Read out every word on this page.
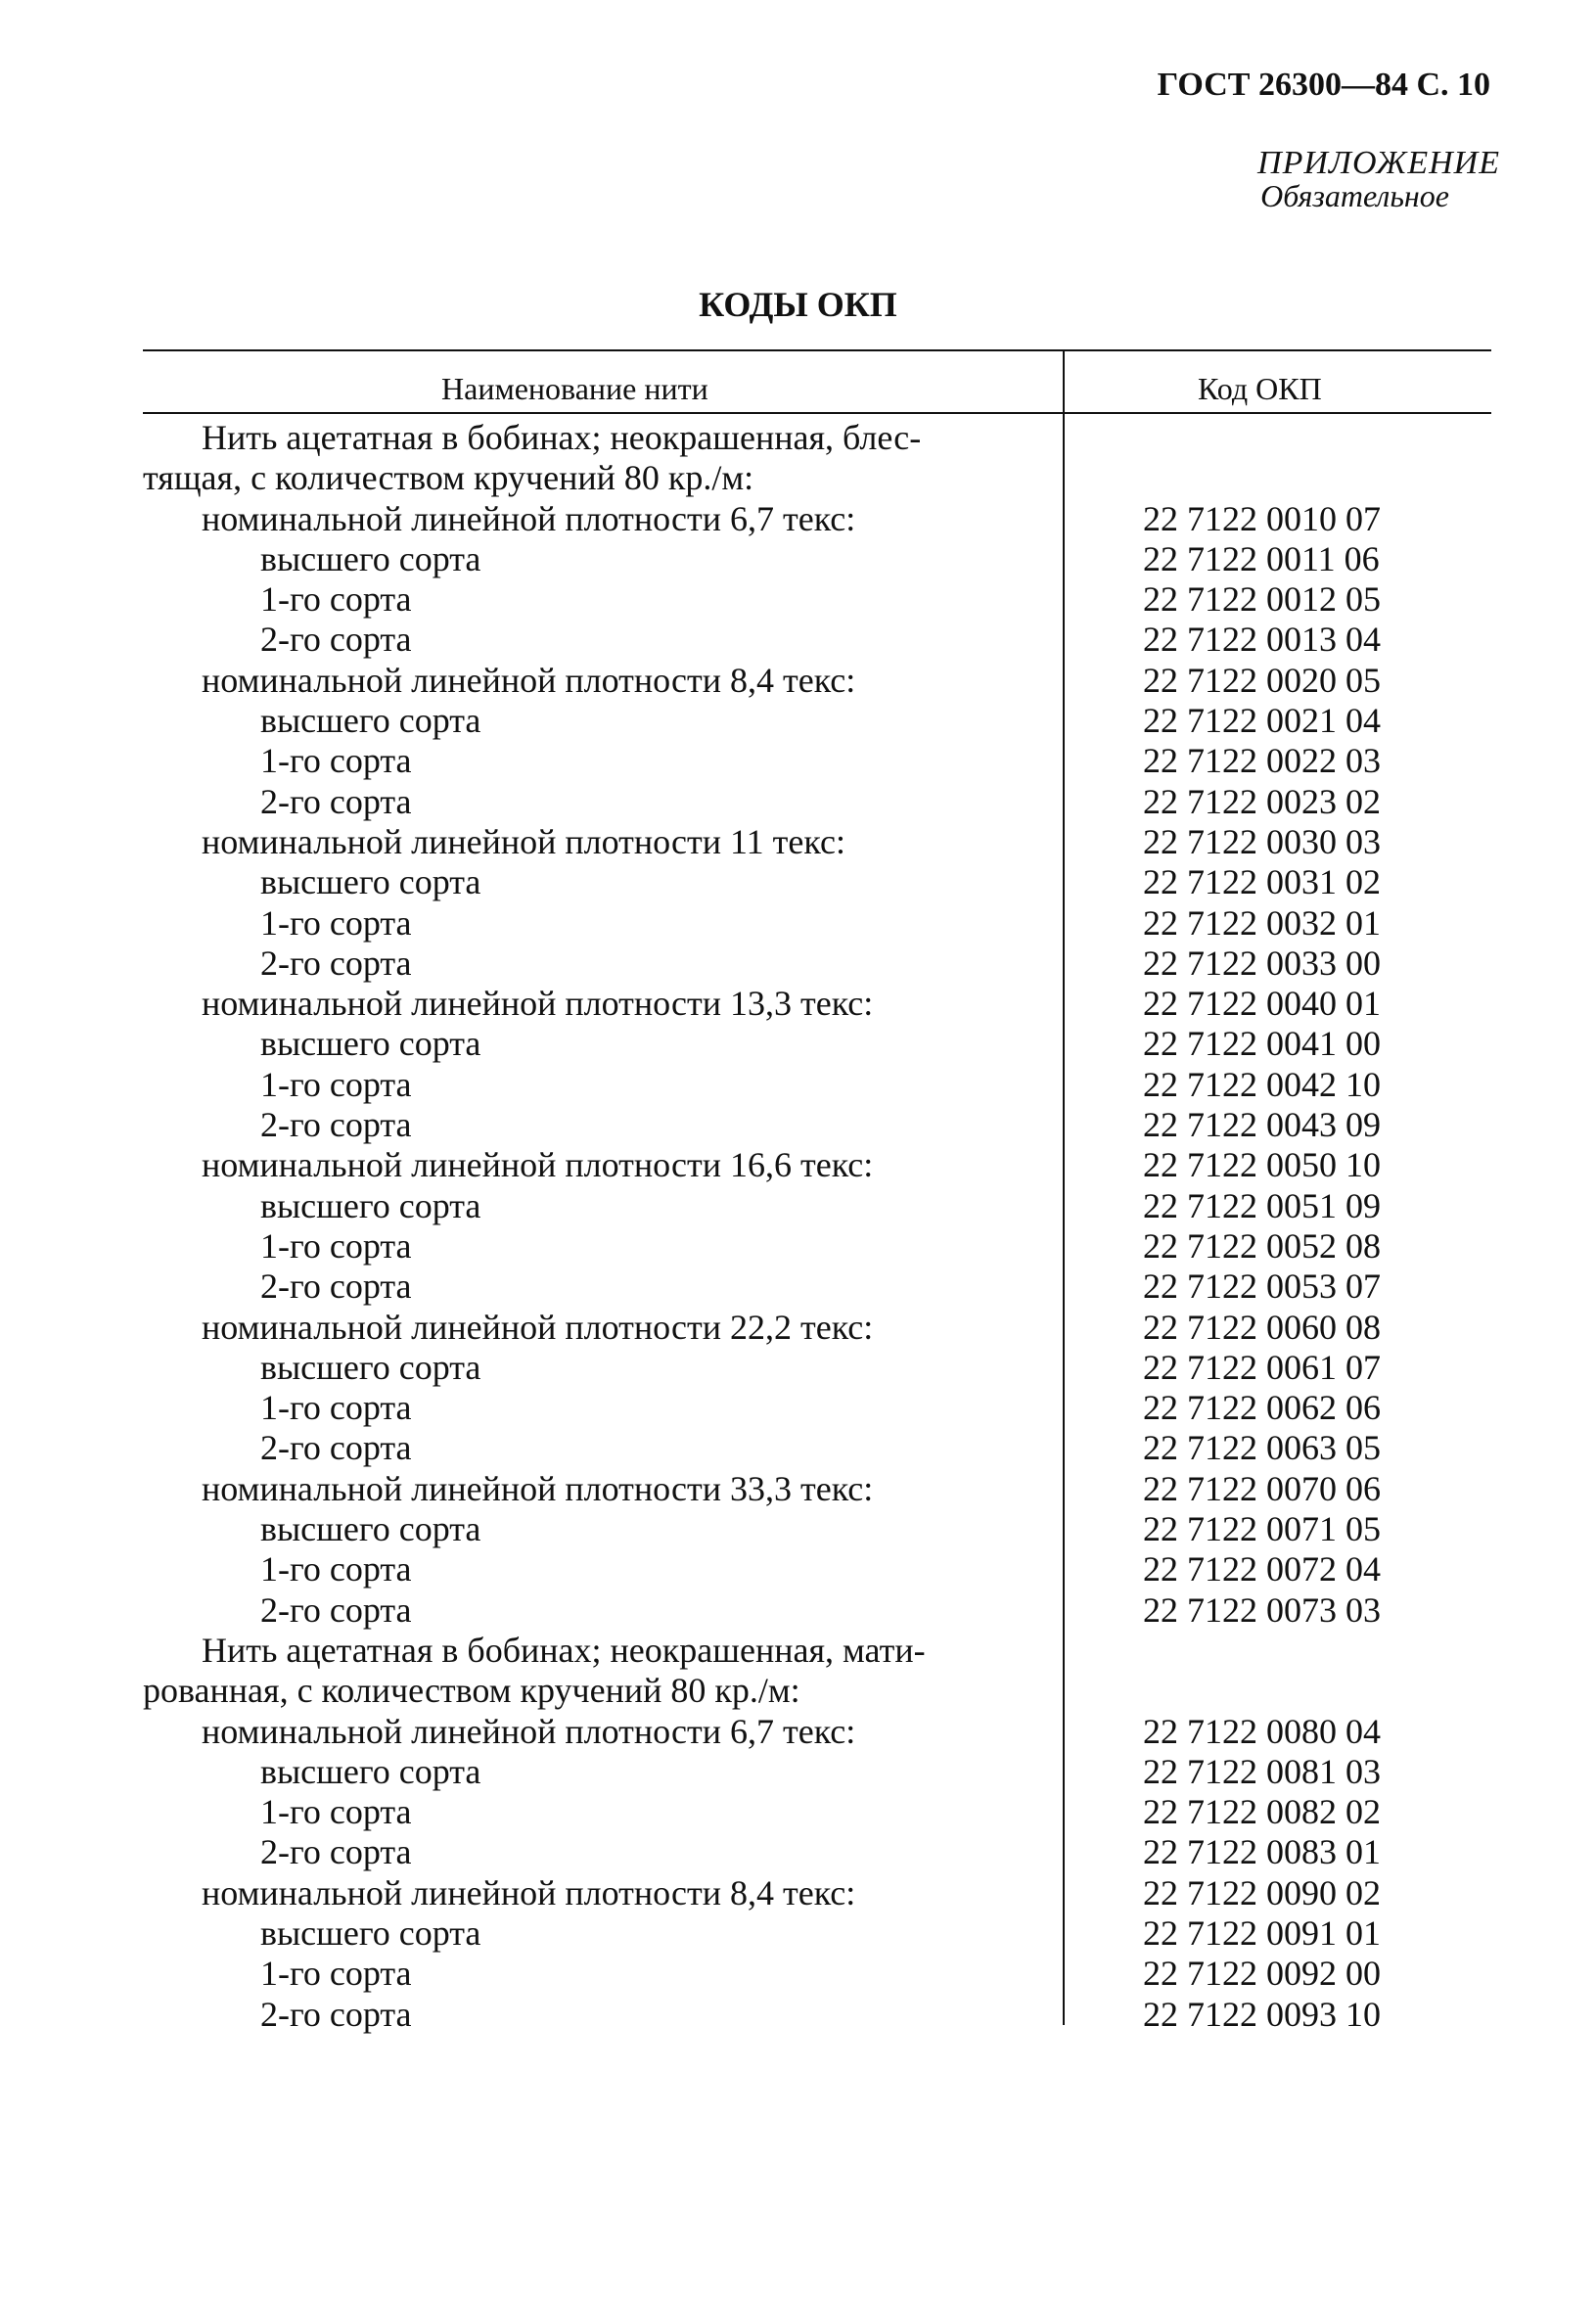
ГОСТ 26300—84 С. 10
ПРИЛОЖЕНИЕ
Обязательное
КОДЫ ОКП
Наименование нити	Код ОКП
Нить ацетатная в бобинах; неокрашенная, блес-
тящая, с количеством кручений 80 кр./м:
номинальной линейной плотности 6,7 текс:	22 7122 0010 07
высшего сорта	22 7122 0011 06
1-го сорта	22 7122 0012 05
2-го сорта	22 7122 0013 04
номинальной линейной плотности 8,4 текс:	22 7122 0020 05
высшего сорта	22 7122 0021 04
1-го сорта	22 7122 0022 03
2-го сорта	22 7122 0023 02
номинальной линейной плотности 11 текс:	22 7122 0030 03
высшего сорта	22 7122 0031 02
1-го сорта	22 7122 0032 01
2-го сорта	22 7122 0033 00
номинальной линейной плотности 13,3 текс:	22 7122 0040 01
высшего сорта	22 7122 0041 00
1-го сорта	22 7122 0042 10
2-го сорта	22 7122 0043 09
номинальной линейной плотности 16,6 текс:	22 7122 0050 10
высшего сорта	22 7122 0051 09
1-го сорта	22 7122 0052 08
2-го сорта	22 7122 0053 07
номинальной линейной плотности 22,2 текс:	22 7122 0060 08
высшего сорта	22 7122 0061 07
1-го сорта	22 7122 0062 06
2-го сорта	22 7122 0063 05
номинальной линейной плотности 33,3 текс:	22 7122 0070 06
высшего сорта	22 7122 0071 05
1-го сорта	22 7122 0072 04
2-го сорта	22 7122 0073 03
Нить ацетатная в бобинах; неокрашенная, мати-
рованная, с количеством кручений 80 кр./м:
номинальной линейной плотности 6,7 текс:	22 7122 0080 04
высшего сорта	22 7122 0081 03
1-го сорта	22 7122 0082 02
2-го сорта	22 7122 0083 01
номинальной линейной плотности 8,4 текс:	22 7122 0090 02
высшего сорта	22 7122 0091 01
1-го сорта	22 7122 0092 00
2-го сорта	22 7122 0093 10
